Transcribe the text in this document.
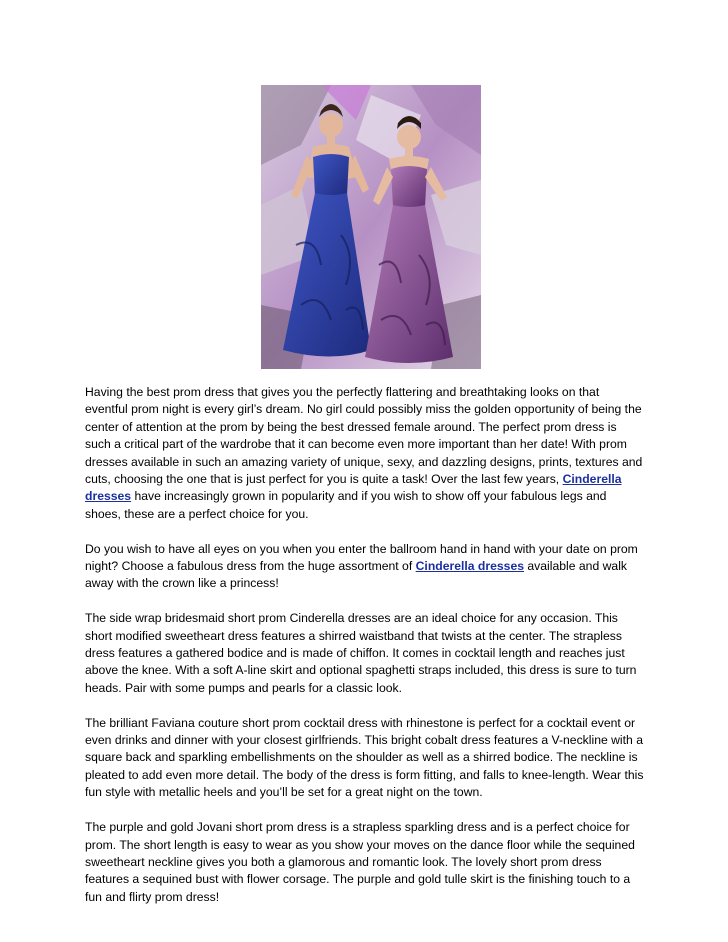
Having the best prom dress that gives you the perfectly flattering and breathtaking looks on that eventful prom night is every girl’s dream. No girl could possibly miss the golden opportunity of being the center of attention at the prom by being the best dressed female around. The perfect prom dress is such a critical part of the wardrobe that it can become even more important than her date! With prom dresses available in such an amazing variety of unique, sexy, and dazzling designs, prints, textures and cuts, choosing the one that is just perfect for you is quite a task! Over the last few years, Cinderella dresses have increasingly grown in popularity and if you wish to show off your fabulous legs and shoes, these are a perfect choice for you.

Do you wish to have all eyes on you when you enter the ballroom hand in hand with your date on prom night? Choose a fabulous dress from the huge assortment of Cinderella dresses available and walk away with the crown like a princess!

The side wrap bridesmaid short prom Cinderella dresses are an ideal choice for any occasion. This short modified sweetheart dress features a shirred waistband that twists at the center. The strapless dress features a gathered bodice and is made of chiffon. It comes in cocktail length and reaches just above the knee. With a soft A-line skirt and optional spaghetti straps included, this dress is sure to turn heads. Pair with some pumps and pearls for a classic look.

The brilliant Faviana couture short prom cocktail dress with rhinestone is perfect for a cocktail event or even drinks and dinner with your closest girlfriends. This bright cobalt dress features a V-neckline with a square back and sparkling embellishments on the shoulder as well as a shirred bodice. The neckline is pleated to add even more detail. The body of the dress is form fitting, and falls to knee-length. Wear this fun style with metallic heels and you’ll be set for a great night on the town.

The purple and gold Jovani short prom dress is a strapless sparkling dress and is a perfect choice for prom. The short length is easy to wear as you show your moves on the dance floor while the sequined sweetheart neckline gives you both a glamorous and romantic look. The lovely short prom dress features a sequined bust with flower corsage. The purple and gold tulle skirt is the finishing touch to a fun and flirty prom dress!
